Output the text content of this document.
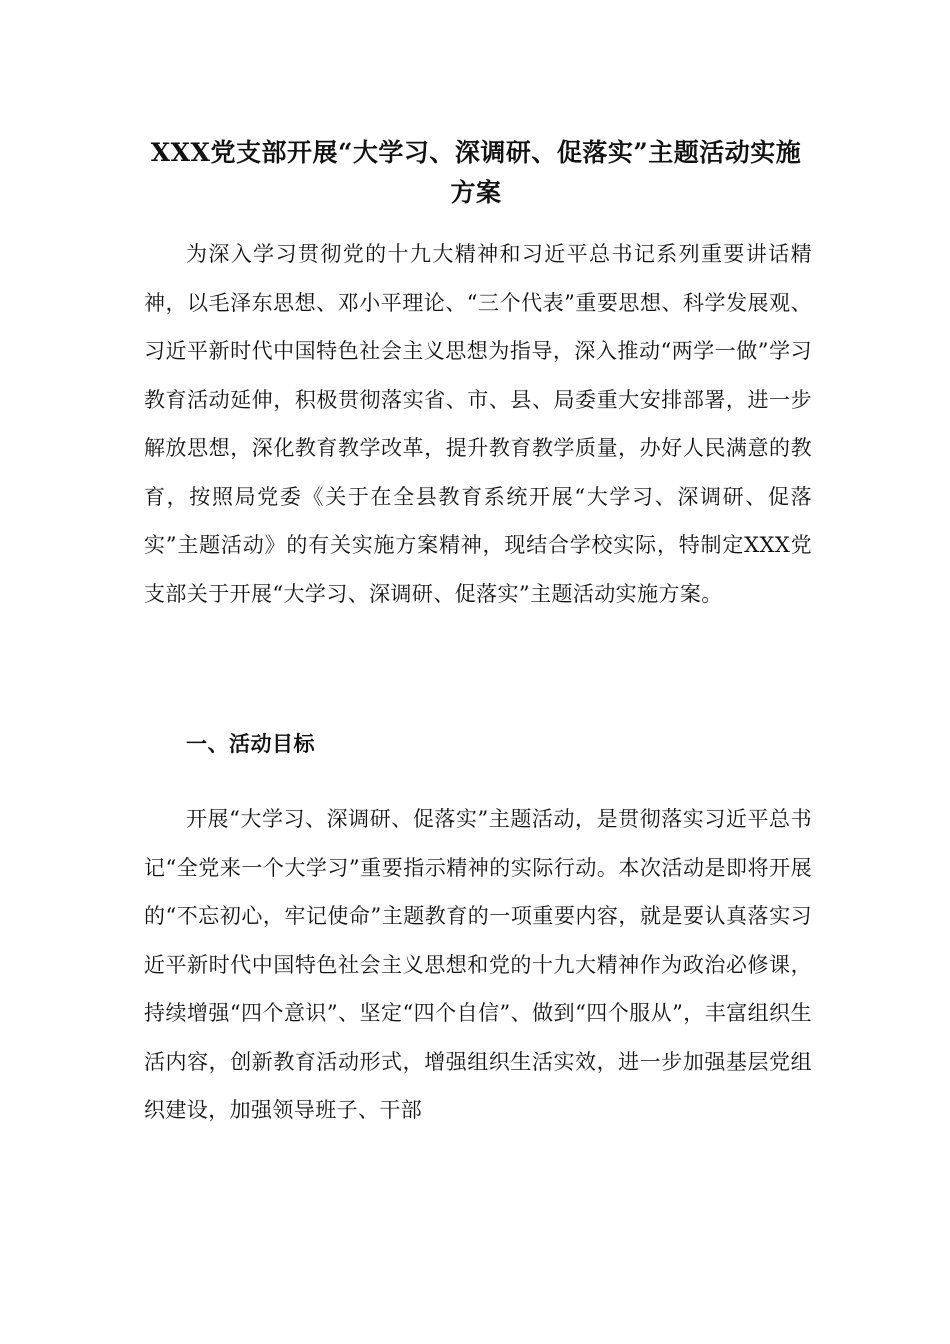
XXX党支部开展“大学习、深调研、促落实”主题活动实施方案

为深入学习贯彻党的十九大精神和习近平总书记系列重要讲话精神，以毛泽东思想、邓小平理论、“三个代表”重要思想、科学发展观、习近平新时代中国特色社会主义思想为指导，深入推动“两学一做”学习教育活动延伸，积极贯彻落实省、市、县、局委重大安排部署，进一步解放思想，深化教育教学改革，提升教育教学质量，办好人民满意的教育，按照局党委《关于在全县教育系统开展“大学习、深调研、促落实”主题活动》的有关实施方案精神，现结合学校实际，特制定XXX党支部关于开展“大学习、深调研、促落实”主题活动实施方案。

一、活动目标

开展“大学习、深调研、促落实”主题活动，是贯彻落实习近平总书记“全党来一个大学习”重要指示精神的实际行动。本次活动是即将开展的“不忘初心，牢记使命”主题教育的一项重要内容，就是要认真落实习近平新时代中国特色社会主义思想和党的十九大精神作为政治必修课，持续增强“四个意识”、坚定“四个自信”、做到“四个服从”，丰富组织生活内容，创新教育活动形式，增强组织生活实效，进一步加强基层党组织建设，加强领导班子、干部
